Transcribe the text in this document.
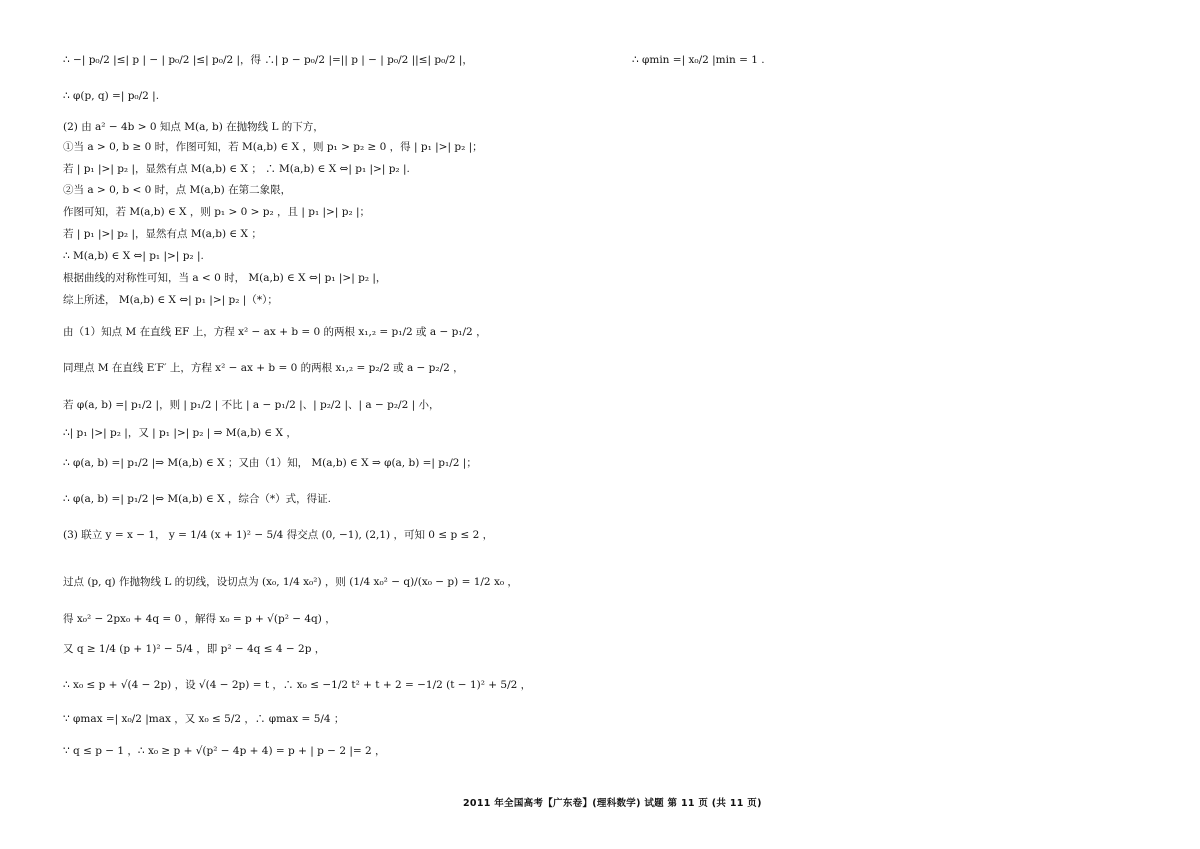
∴ −| p₀/2 |≤| p | − | p₀/2 |≤| p₀/2 |，得 ∴| p − p₀/2 |=|| p | − | p₀/2 ||≤| p₀/2 |，
∴ φ(p, q) =| p₀/2 |.
(2) 由 a² − 4b > 0 知点 M(a, b) 在抛物线 L 的下方，
①当 a > 0, b ≥ 0 时，作图可知，若 M(a,b) ∈ X ，则 p₁ > p₂ ≥ 0 ，得 | p₁ |>| p₂ |；
若 | p₁ |>| p₂ |，显然有点 M(a,b) ∈ X ； ∴ M(a,b) ∈ X ⇔| p₁ |>| p₂ |.
②当 a > 0, b < 0 时，点 M(a,b) 在第二象限，
作图可知，若 M(a,b) ∈ X ，则 p₁ > 0 > p₂ ，且 | p₁ |>| p₂ |；
若 | p₁ |>| p₂ |，显然有点 M(a,b) ∈ X ；
∴ M(a,b) ∈ X ⇔| p₁ |>| p₂ |.
根据曲线的对称性可知，当 a < 0 时， M(a,b) ∈ X ⇔| p₁ |>| p₂ |，
综上所述， M(a,b) ∈ X ⇔| p₁ |>| p₂ |（*）；
由（1）知点 M 在直线 EF 上，方程 x² − ax + b = 0 的两根 x₁,₂ = p₁/2 或 a − p₁/2 ，
同理点 M 在直线 E′F′ 上，方程 x² − ax + b = 0 的两根 x₁,₂ = p₂/2 或 a − p₂/2 ，
若 φ(a, b) =| p₁/2 |，则 | p₁/2 | 不比 | a − p₁/2 |、| p₂/2 |、| a − p₂/2 | 小，
∴| p₁ |>| p₂ |，又 | p₁ |>| p₂ | ⇒ M(a,b) ∈ X ，
∴ φ(a, b) =| p₁/2 |⇒ M(a,b) ∈ X ；又由（1）知， M(a,b) ∈ X ⇒ φ(a, b) =| p₁/2 |；
∴ φ(a, b) =| p₁/2 |⇔ M(a,b) ∈ X ，综合（*）式，得证.
(3) 联立 y = x − 1， y = 1/4 (x + 1)² − 5/4 得交点 (0, −1), (2,1) ，可知 0 ≤ p ≤ 2 ，
过点 (p, q) 作抛物线 L 的切线，设切点为 (x₀, 1/4 x₀²) ，则 (1/4 x₀² − q)/(x₀ − p) = 1/2 x₀ ，
得 x₀² − 2px₀ + 4q = 0 ，解得 x₀ = p + √(p² − 4q) ，
又 q ≥ 1/4 (p + 1)² − 5/4 ，即 p² − 4q ≤ 4 − 2p ，
∴ x₀ ≤ p + √(4 − 2p) ，设 √(4 − 2p) = t ，∴ x₀ ≤ −1/2 t² + t + 2 = −1/2 (t − 1)² + 5/2 ，
∵ φmax =| x₀/2 |max ，又 x₀ ≤ 5/2 ，∴ φmax = 5/4 ；
∵ q ≤ p − 1 ，∴ x₀ ≥ p + √(p² − 4p + 4) = p + | p − 2 |= 2 ，
∴ φmin =| x₀/2 |min = 1 .
2011 年全国高考【广东卷】(理科数学) 试题 第 11 页 (共 11 页)
